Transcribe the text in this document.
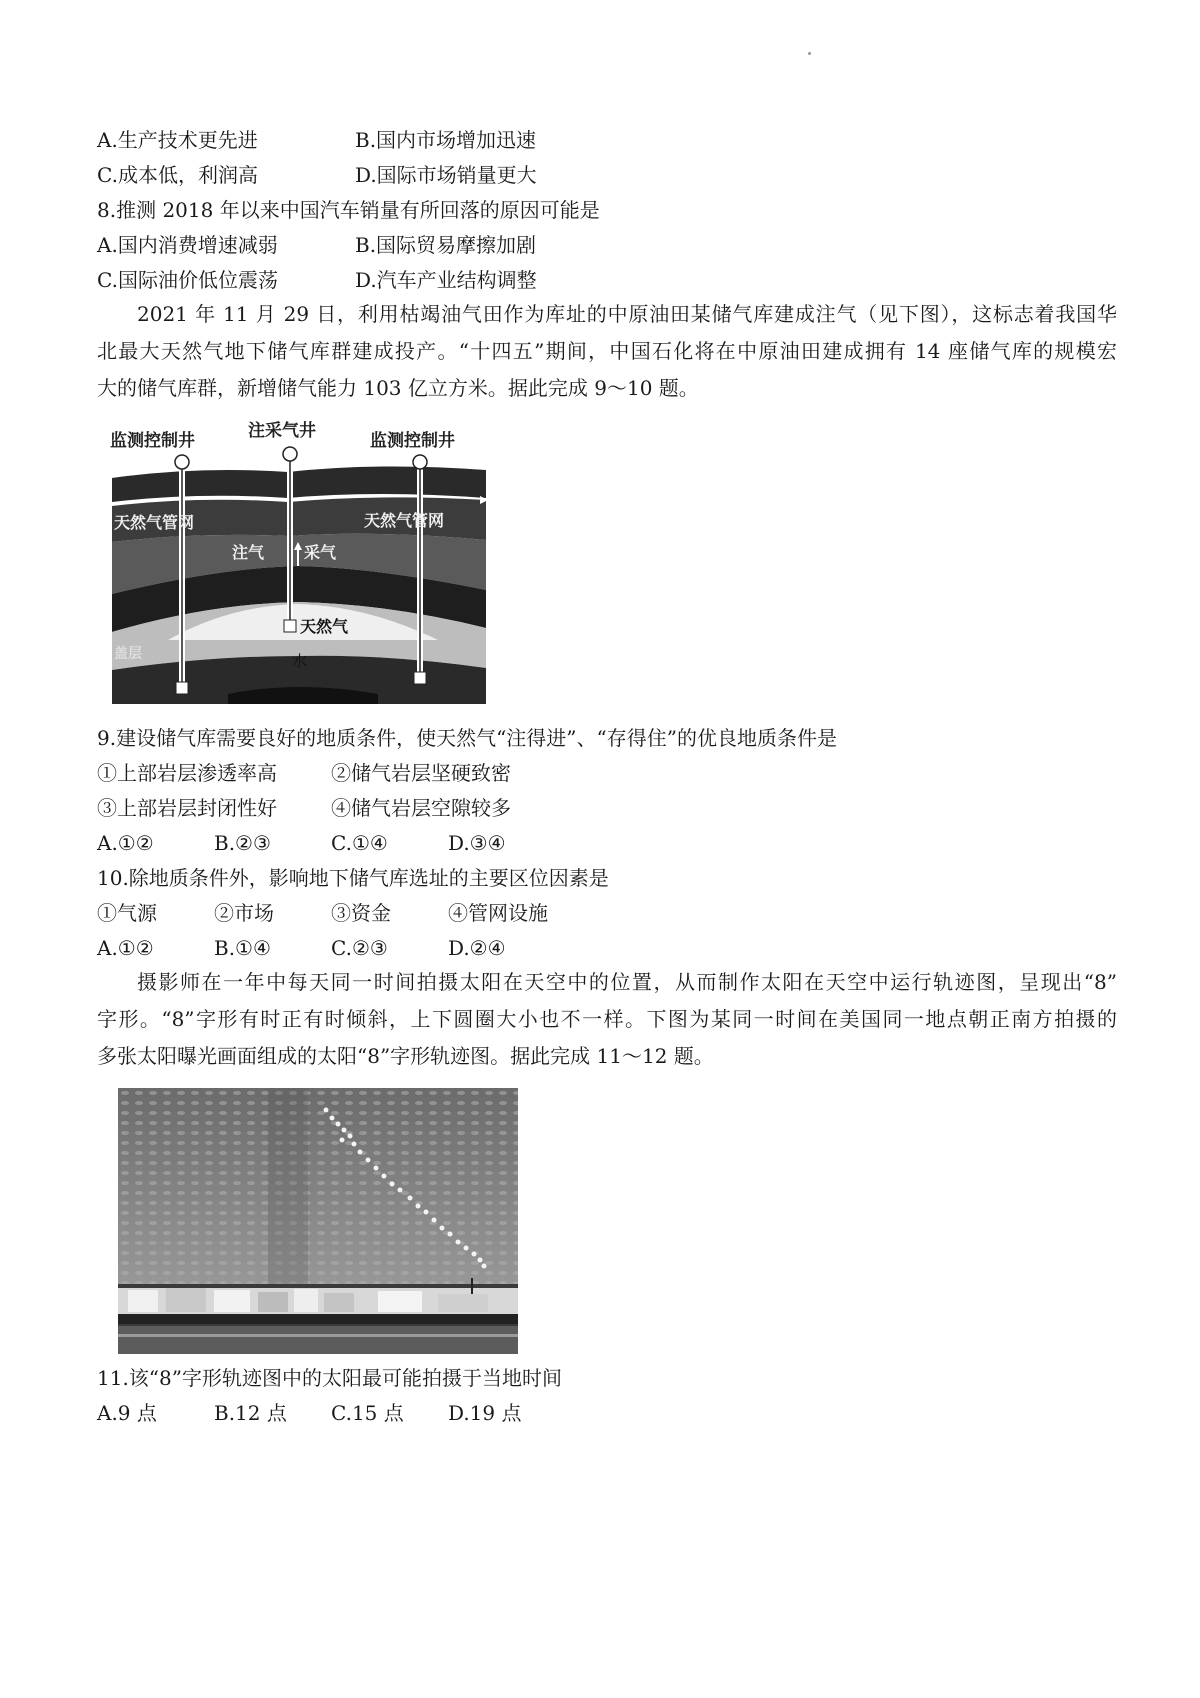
A.生产技术更先进	B.国内市场增加迅速
C.成本低，利润高	D.国际市场销量更大
8.推测 2018 年以来中国汽车销量有所回落的原因可能是
A.国内消费增速减弱	B.国际贸易摩擦加剧
C.国际油价低位震荡	D.汽车产业结构调整
2021 年 11 月 29 日，利用枯竭油气田作为库址的中原油田某储气库建成注气（见下图），这标志着我国华
北最大天然气地下储气库群建成投产。“十四五”期间，中国石化将在中原油田建成拥有 14 座储气库的规模宏
大的储气库群，新增储气能力 103 亿立方米。据此完成 9～10 题。
监测控制井	注采气井	监测控制井
天然气管网	天然气管网
注气 采气
天然气
盖层	水
9.建设储气库需要良好的地质条件，使天然气“注得进”、“存得住”的优良地质条件是
①上部岩层渗透率高	②储气岩层坚硬致密
③上部岩层封闭性好	④储气岩层空隙较多
A.①②	B.②③	C.①④	D.③④
10.除地质条件外，影响地下储气库选址的主要区位因素是
①气源	②市场	③资金	④管网设施
A.①②	B.①④	C.②③	D.②④
摄影师在一年中每天同一时间拍摄太阳在天空中的位置，从而制作太阳在天空中运行轨迹图，呈现出“8”
字形。“8”字形有时正有时倾斜，上下圆圈大小也不一样。下图为某同一时间在美国同一地点朝正南方拍摄的
多张太阳曝光画面组成的太阳“8”字形轨迹图。据此完成 11～12 题。
11.该“8”字形轨迹图中的太阳最可能拍摄于当地时间
A.9 点	B.12 点 C.15 点 D.19 点
